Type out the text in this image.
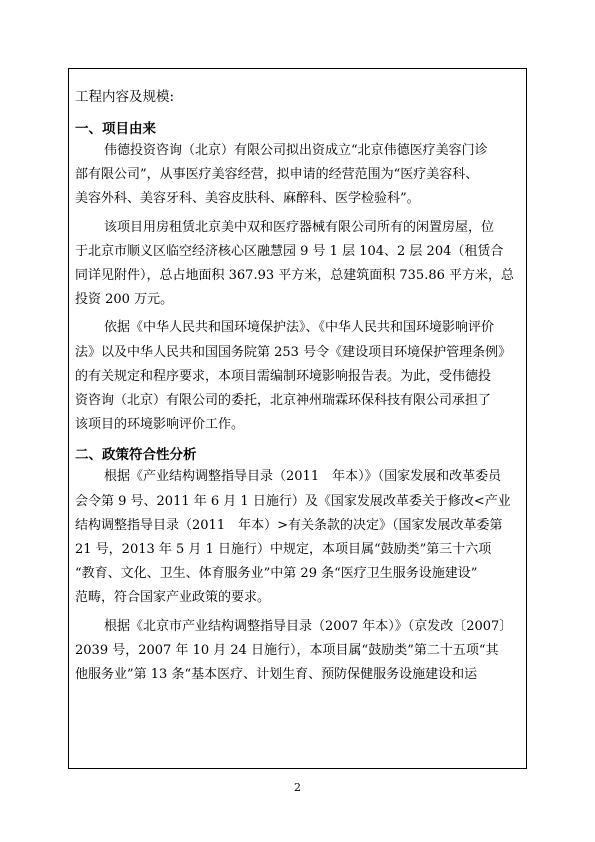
工程内容及规模:
一、项目由来
伟德投资咨询（北京）有限公司拟出资成立“北京伟德医疗美容门诊
部有限公司”，从事医疗美容经营，拟申请的经营范围为“医疗美容科、
美容外科、美容牙科、美容皮肤科、麻醉科、医学检验科”。
该项目用房租赁北京美中双和医疗器械有限公司所有的闲置房屋，位
于北京市顺义区临空经济核心区融慧园 9 号 1 层 104、2 层 204（租赁合
同详见附件），总占地面积 367.93 平方米，总建筑面积 735.86 平方米，总
投资 200 万元。
依据《中华人民共和国环境保护法》、《中华人民共和国环境影响评价
法》以及中华人民共和国国务院第 253 号令《建设项目环境保护管理条例》
的有关规定和程序要求，本项目需编制环境影响报告表。为此，受伟德投
资咨询（北京）有限公司的委托，北京神州瑞霖环保科技有限公司承担了
该项目的环境影响评价工作。
二、政策符合性分析
根据《产业结构调整指导目录（2011　年本）》（国家发展和改革委员
会令第 9 号、2011 年 6 月 1 日施行）及《国家发展改革委关于修改<产业
结构调整指导目录（2011　年本）>有关条款的决定》（国家发展改革委第
21 号，2013 年 5 月 1 日施行）中规定，本项目属“鼓励类”第三十六项
“教育、文化、卫生、体育服务业”中第 29 条“医疗卫生服务设施建设”
范畴，符合国家产业政策的要求。
根据《北京市产业结构调整指导目录（2007 年本）》（京发改〔2007〕
2039 号，2007 年 10 月 24 日施行），本项目属“鼓励类”第二十五项“其
他服务业”第 13 条“基本医疗、计划生育、预防保健服务设施建设和运
2
